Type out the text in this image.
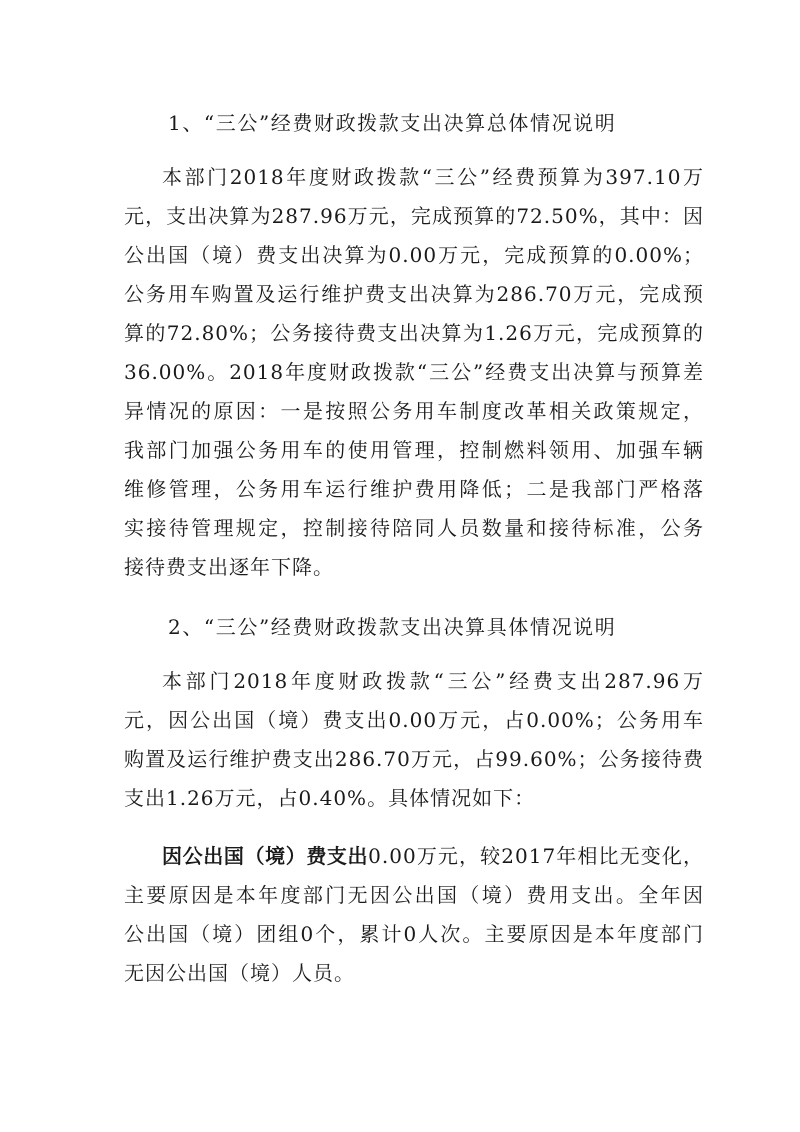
1、“三公”经费财政拨款支出决算总体情况说明
本部门2018年度财政拨款“三公”经费预算为397.10万
元，支出决算为287.96万元，完成预算的72.50%，其中：因
公出国（境）费支出决算为0.00万元，完成预算的0.00%；
公务用车购置及运行维护费支出决算为286.70万元，完成预
算的72.80%；公务接待费支出决算为1.26万元，完成预算的
36.00%。2018年度财政拨款“三公”经费支出决算与预算差
异情况的原因：一是按照公务用车制度改革相关政策规定，
我部门加强公务用车的使用管理，控制燃料领用、加强车辆
维修管理，公务用车运行维护费用降低；二是我部门严格落
实接待管理规定，控制接待陪同人员数量和接待标准，公务
接待费支出逐年下降。
2、“三公”经费财政拨款支出决算具体情况说明
本部门2018年度财政拨款“三公”经费支出287.96万
元，因公出国（境）费支出0.00万元，占0.00%；公务用车
购置及运行维护费支出286.70万元，占99.60%；公务接待费
支出1.26万元，占0.40%。具体情况如下：
因公出国（境）费支出0.00万元，较2017年相比无变化，
主要原因是本年度部门无因公出国（境）费用支出。全年因
公出国（境）团组0个，累计0人次。主要原因是本年度部门
无因公出国（境）人员。
